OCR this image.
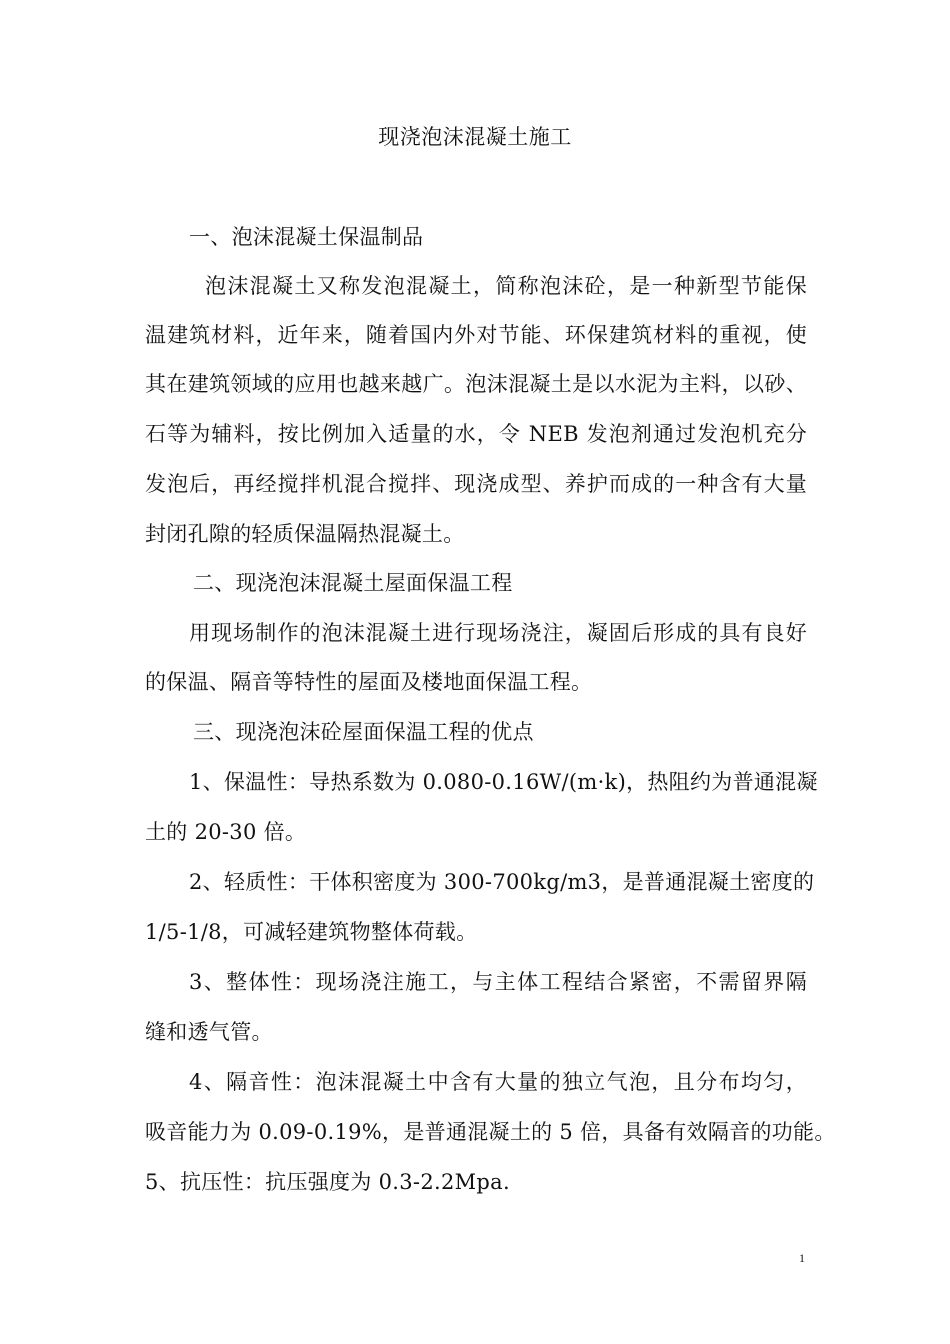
现浇泡沫混凝土施工
一、泡沫混凝土保温制品
泡沫混凝土又称发泡混凝土，简称泡沫砼，是一种新型节能保
温建筑材料，近年来，随着国内外对节能、环保建筑材料的重视，使
其在建筑领域的应用也越来越广。泡沫混凝土是以水泥为主料，以砂、
石等为辅料，按比例加入适量的水，令 NEB 发泡剂通过发泡机充分
发泡后，再经搅拌机混合搅拌、现浇成型、养护而成的一种含有大量
封闭孔隙的轻质保温隔热混凝土。
二、现浇泡沫混凝土屋面保温工程
用现场制作的泡沫混凝土进行现场浇注，凝固后形成的具有良好
的保温、隔音等特性的屋面及楼地面保温工程。
三、现浇泡沫砼屋面保温工程的优点
1、保温性：导热系数为 0.080-0.16W/(m·k)，热阻约为普通混凝
土的 20-30 倍。
2、轻质性：干体积密度为 300-700kg/m3，是普通混凝土密度的
1/5-1/8，可减轻建筑物整体荷载。
3、整体性：现场浇注施工，与主体工程结合紧密，不需留界隔
缝和透气管。
4、隔音性：泡沫混凝土中含有大量的独立气泡，且分布均匀，
吸音能力为 0.09-0.19%，是普通混凝土的 5 倍，具备有效隔音的功能。
5、抗压性：抗压强度为 0.3-2.2Mpa.
1
